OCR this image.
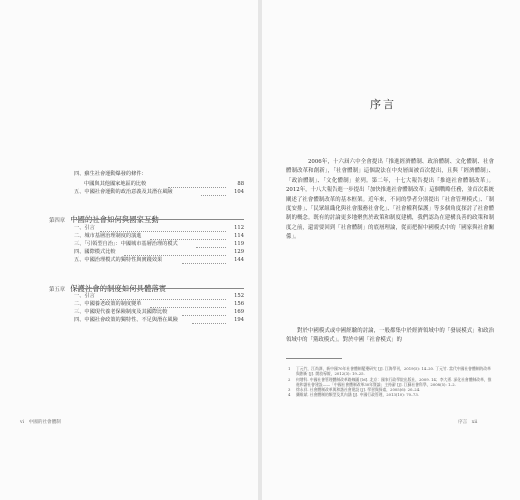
四、蘇生社會運動爆發的條件：
中國與其他國家地區的比較	88
五、中國社會運動的政治意義及其潛在風險	104
第四章 中國的社會如何與國家互動
一、引言	112
二、城市基層治理制度的演進	114
三、「引領型自治」：中國城市基層治理的模式	119
四、國際模式比較	129
五、中國治理模式的獨特性與實踐效果	144
第五章 保護社會的制度如何具體落實
一、引言	152
二、中國養老政策的制度變革	156
三、中國現代養老保險制度及其國際比較	169
四、中國社會政策的獨特性、不足與潛在風險	194
vi　中國的社會體制
序言

2006年，十六屆六中全會提出「推進經濟體制、政治體制、文化體制、社會體制改革和創新」，「社會體制」這個說法在中央層面被首次提出，且與「經濟體制」、「政治體制」、「文化體制」並列。第二年，十七大報告提出「推進社會體制改革」。2012年，十八大報告進一步提出「加快推進社會體制改革」這個戰略任務，並首次系統闡述了社會體制改革的基本框架。近年來，不同的學者分別提出「社會管理模式」、「制度安排」、「民眾組織化與社會服務社會化」、「社會權利保護」等多個角度探討了社會體制的概念。既有的討論更多地聚焦於政策和制度建構，我們認為在建構良善的政策和制度之前，還需要回到「社會體制」的底層理論，從而把握中國模式中的「國家與社會關係」。

對於中國模式或中國經驗的討論，一般都集中於經濟領域中的「發展模式」和政治領域中的「黨政模式」。對於中國「社會模式」的

1 丁元竹，江尚澤，新中國70年社會體制變遷研究 [J]. 江海學刊，2019(5): 14–20. 丁元竹. 當代中國社會體制的改革與創新 [J]. 開放導報，2012(3): 19–25.
2 何增科. 中國社會管理體制改革路線圖 [M]. 北京：國家行政學院出版社，2009. 14；李大勇. 深化社會體制改革，推進和諧社會建設——「中國社會體制改革30年暨論」主持辭 [J]. 江蘇社會科學，2008(5): 1–2.
3 徐永祥. 社會體制改革與和諧社會建設 [J]. 學習與探索，2005(6): 20–24.
4 龔維斌. 社會體制的類型及其內涵 [J]. 中國行政管理，2013(10): 70–73.
序言　xii
